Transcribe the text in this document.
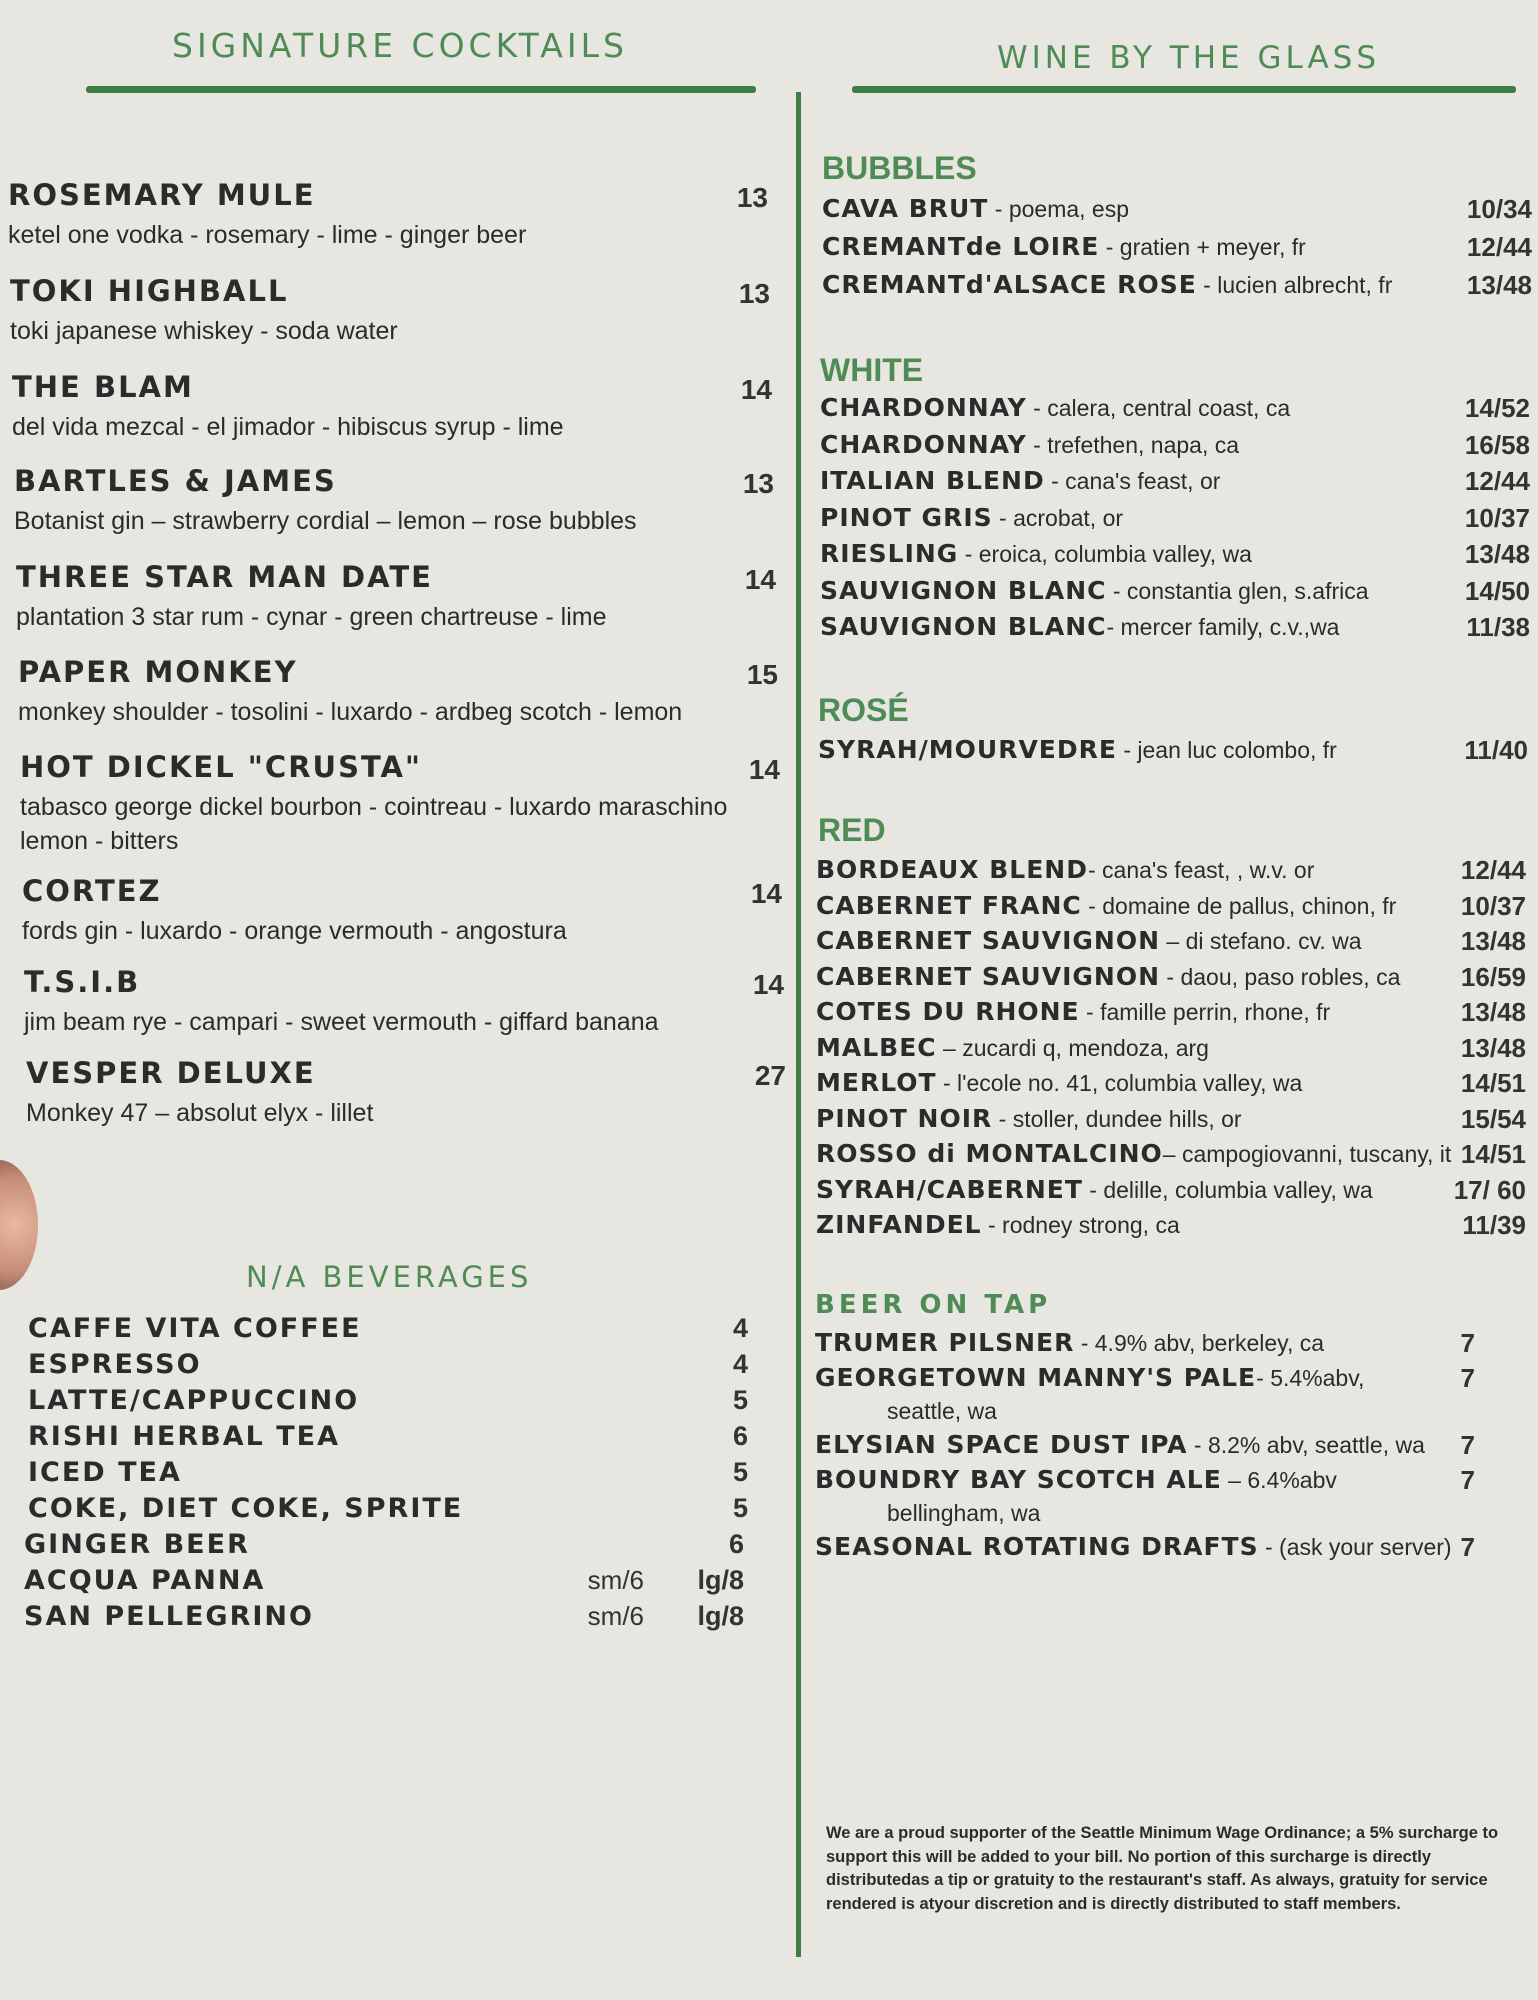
SIGNATURE COCKTAILS
ROSEMARY MULE	13
ketel one vodka - rosemary - lime - ginger beer
TOKI HIGHBALL	13
toki japanese whiskey - soda water
THE BLAM	14
del vida mezcal - el jimador - hibiscus syrup - lime
BARTLES & JAMES	13
Botanist gin – strawberry cordial – lemon – rose bubbles
THREE STAR MAN DATE	14
plantation 3 star rum - cynar - green chartreuse - lime
PAPER MONKEY	15
monkey shoulder - tosolini - luxardo - ardbeg scotch - lemon
HOT DICKEL "CRUSTA"	14
tabasco george dickel bourbon - cointreau - luxardo maraschino
lemon - bitters
CORTEZ	14
fords gin - luxardo - orange vermouth - angostura
T.S.I.B	14
jim beam rye - campari - sweet vermouth - giffard banana
VESPER DELUXE	27
Monkey 47 – absolut elyx - lillet
N/A BEVERAGES
CAFFE VITA COFFEE	4
ESPRESSO	4
LATTE/CAPPUCCINO	5
RISHI HERBAL TEA	6
ICED TEA	5
COKE, DIET COKE, SPRITE	5
GINGER BEER	6
ACQUA PANNA	sm/6 lg/8
SAN PELLEGRINO	sm/6 lg/8
WINE BY THE GLASS
BUBBLES
CAVA BRUT - poema, esp	10/34
CREMANTde LOIRE - gratien + meyer, fr	12/44
CREMANTd'ALSACE ROSE - lucien albrecht, fr	13/48
WHITE
CHARDONNAY - calera, central coast, ca	14/52
CHARDONNAY - trefethen, napa, ca	16/58
ITALIAN BLEND - cana's feast, or	12/44
PINOT GRIS - acrobat, or	10/37
RIESLING - eroica, columbia valley, wa	13/48
SAUVIGNON BLANC - constantia glen, s.africa	14/50
SAUVIGNON BLANC- mercer family, c.v.,wa	11/38
ROSÉ
SYRAH/MOURVEDRE - jean luc colombo, fr	11/40
RED
BORDEAUX BLEND- cana's feast, , w.v. or	12/44
CABERNET FRANC - domaine de pallus, chinon, fr 10/37
CABERNET SAUVIGNON – di stefano. cv. wa	13/48
CABERNET SAUVIGNON - daou, paso robles, ca 16/59
COTES DU RHONE - famille perrin, rhone, fr	13/48
MALBEC – zucardi q, mendoza, arg	13/48
MERLOT - l'ecole no. 41, columbia valley, wa	14/51
PINOT NOIR - stoller, dundee hills, or	15/54
ROSSO di MONTALCINO– campogiovanni, tuscany, it 14/51
SYRAH/CABERNET - delille, columbia valley, wa	17/ 60
ZINFANDEL - rodney strong, ca	11/39
BEER ON TAP
TRUMER PILSNER - 4.9% abv, berkeley, ca	7
GEORGETOWN MANNY'S PALE- 5.4%abv,	7
seattle, wa
ELYSIAN SPACE DUST IPA - 8.2% abv, seattle, wa 7
BOUNDRY BAY SCOTCH ALE – 6.4%abv	7
bellingham, wa
SEASONAL ROTATING DRAFTS - (ask your server) 7
We are a proud supporter of the Seattle Minimum Wage Ordinance; a 5% surcharge to support this will be added to your bill. No portion of this surcharge is directly distributedas a tip or gratuity to the restaurant's staff. As always, gratuity for service rendered is atyour discretion and is directly distributed to staff members.
